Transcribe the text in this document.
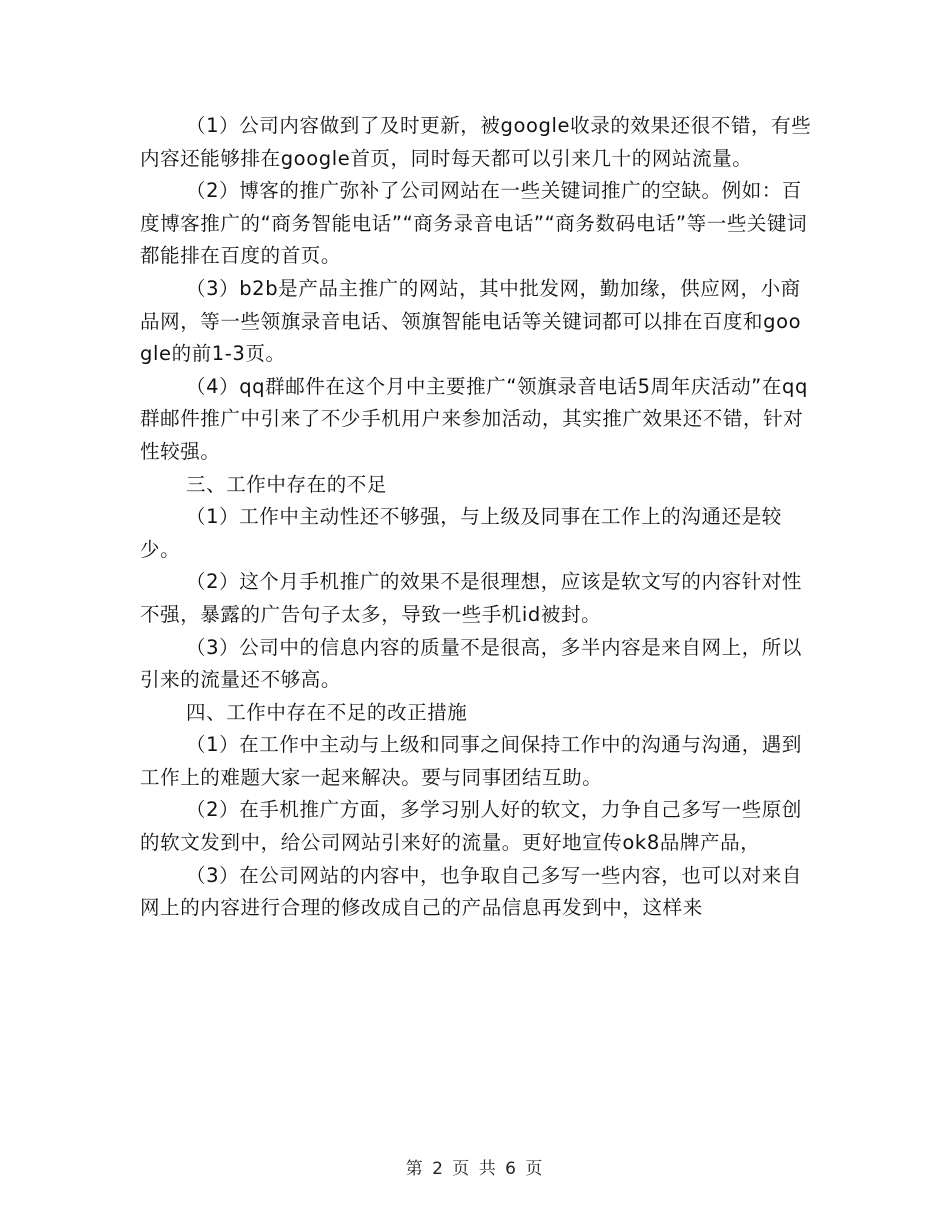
（1）公司内容做到了及时更新，被google收录的效果还很不错，有些内容还能够排在google首页，同时每天都可以引来几十的网站流量。

（2）博客的推广弥补了公司网站在一些关键词推广的空缺。例如：百度博客推广的“商务智能电话”“商务录音电话”“商务数码电话”等一些关键词都能排在百度的首页。

（3）b2b是产品主推广的网站，其中批发网，勤加缘，供应网，小商品网，等一些领旗录音电话、领旗智能电话等关键词都可以排在百度和google的前1-3页。

（4）qq群邮件在这个月中主要推广“领旗录音电话5周年庆活动”在qq群邮件推广中引来了不少手机用户来参加活动，其实推广效果还不错，针对性较强。

三、工作中存在的不足

（1）工作中主动性还不够强，与上级及同事在工作上的沟通还是较少。

（2）这个月手机推广的效果不是很理想，应该是软文写的内容针对性不强，暴露的广告句子太多，导致一些手机id被封。

（3）公司中的信息内容的质量不是很高，多半内容是来自网上，所以引来的流量还不够高。

四、工作中存在不足的改正措施

（1）在工作中主动与上级和同事之间保持工作中的沟通与沟通，遇到工作上的难题大家一起来解决。要与同事团结互助。

（2）在手机推广方面，多学习别人好的软文，力争自己多写一些原创的软文发到中，给公司网站引来好的流量。更好地宣传ok8品牌产品，

（3）在公司网站的内容中，也争取自己多写一些内容，也可以对来自网上的内容进行合理的修改成自己的产品信息再发到中，这样来

第 2 页 共 6 页
